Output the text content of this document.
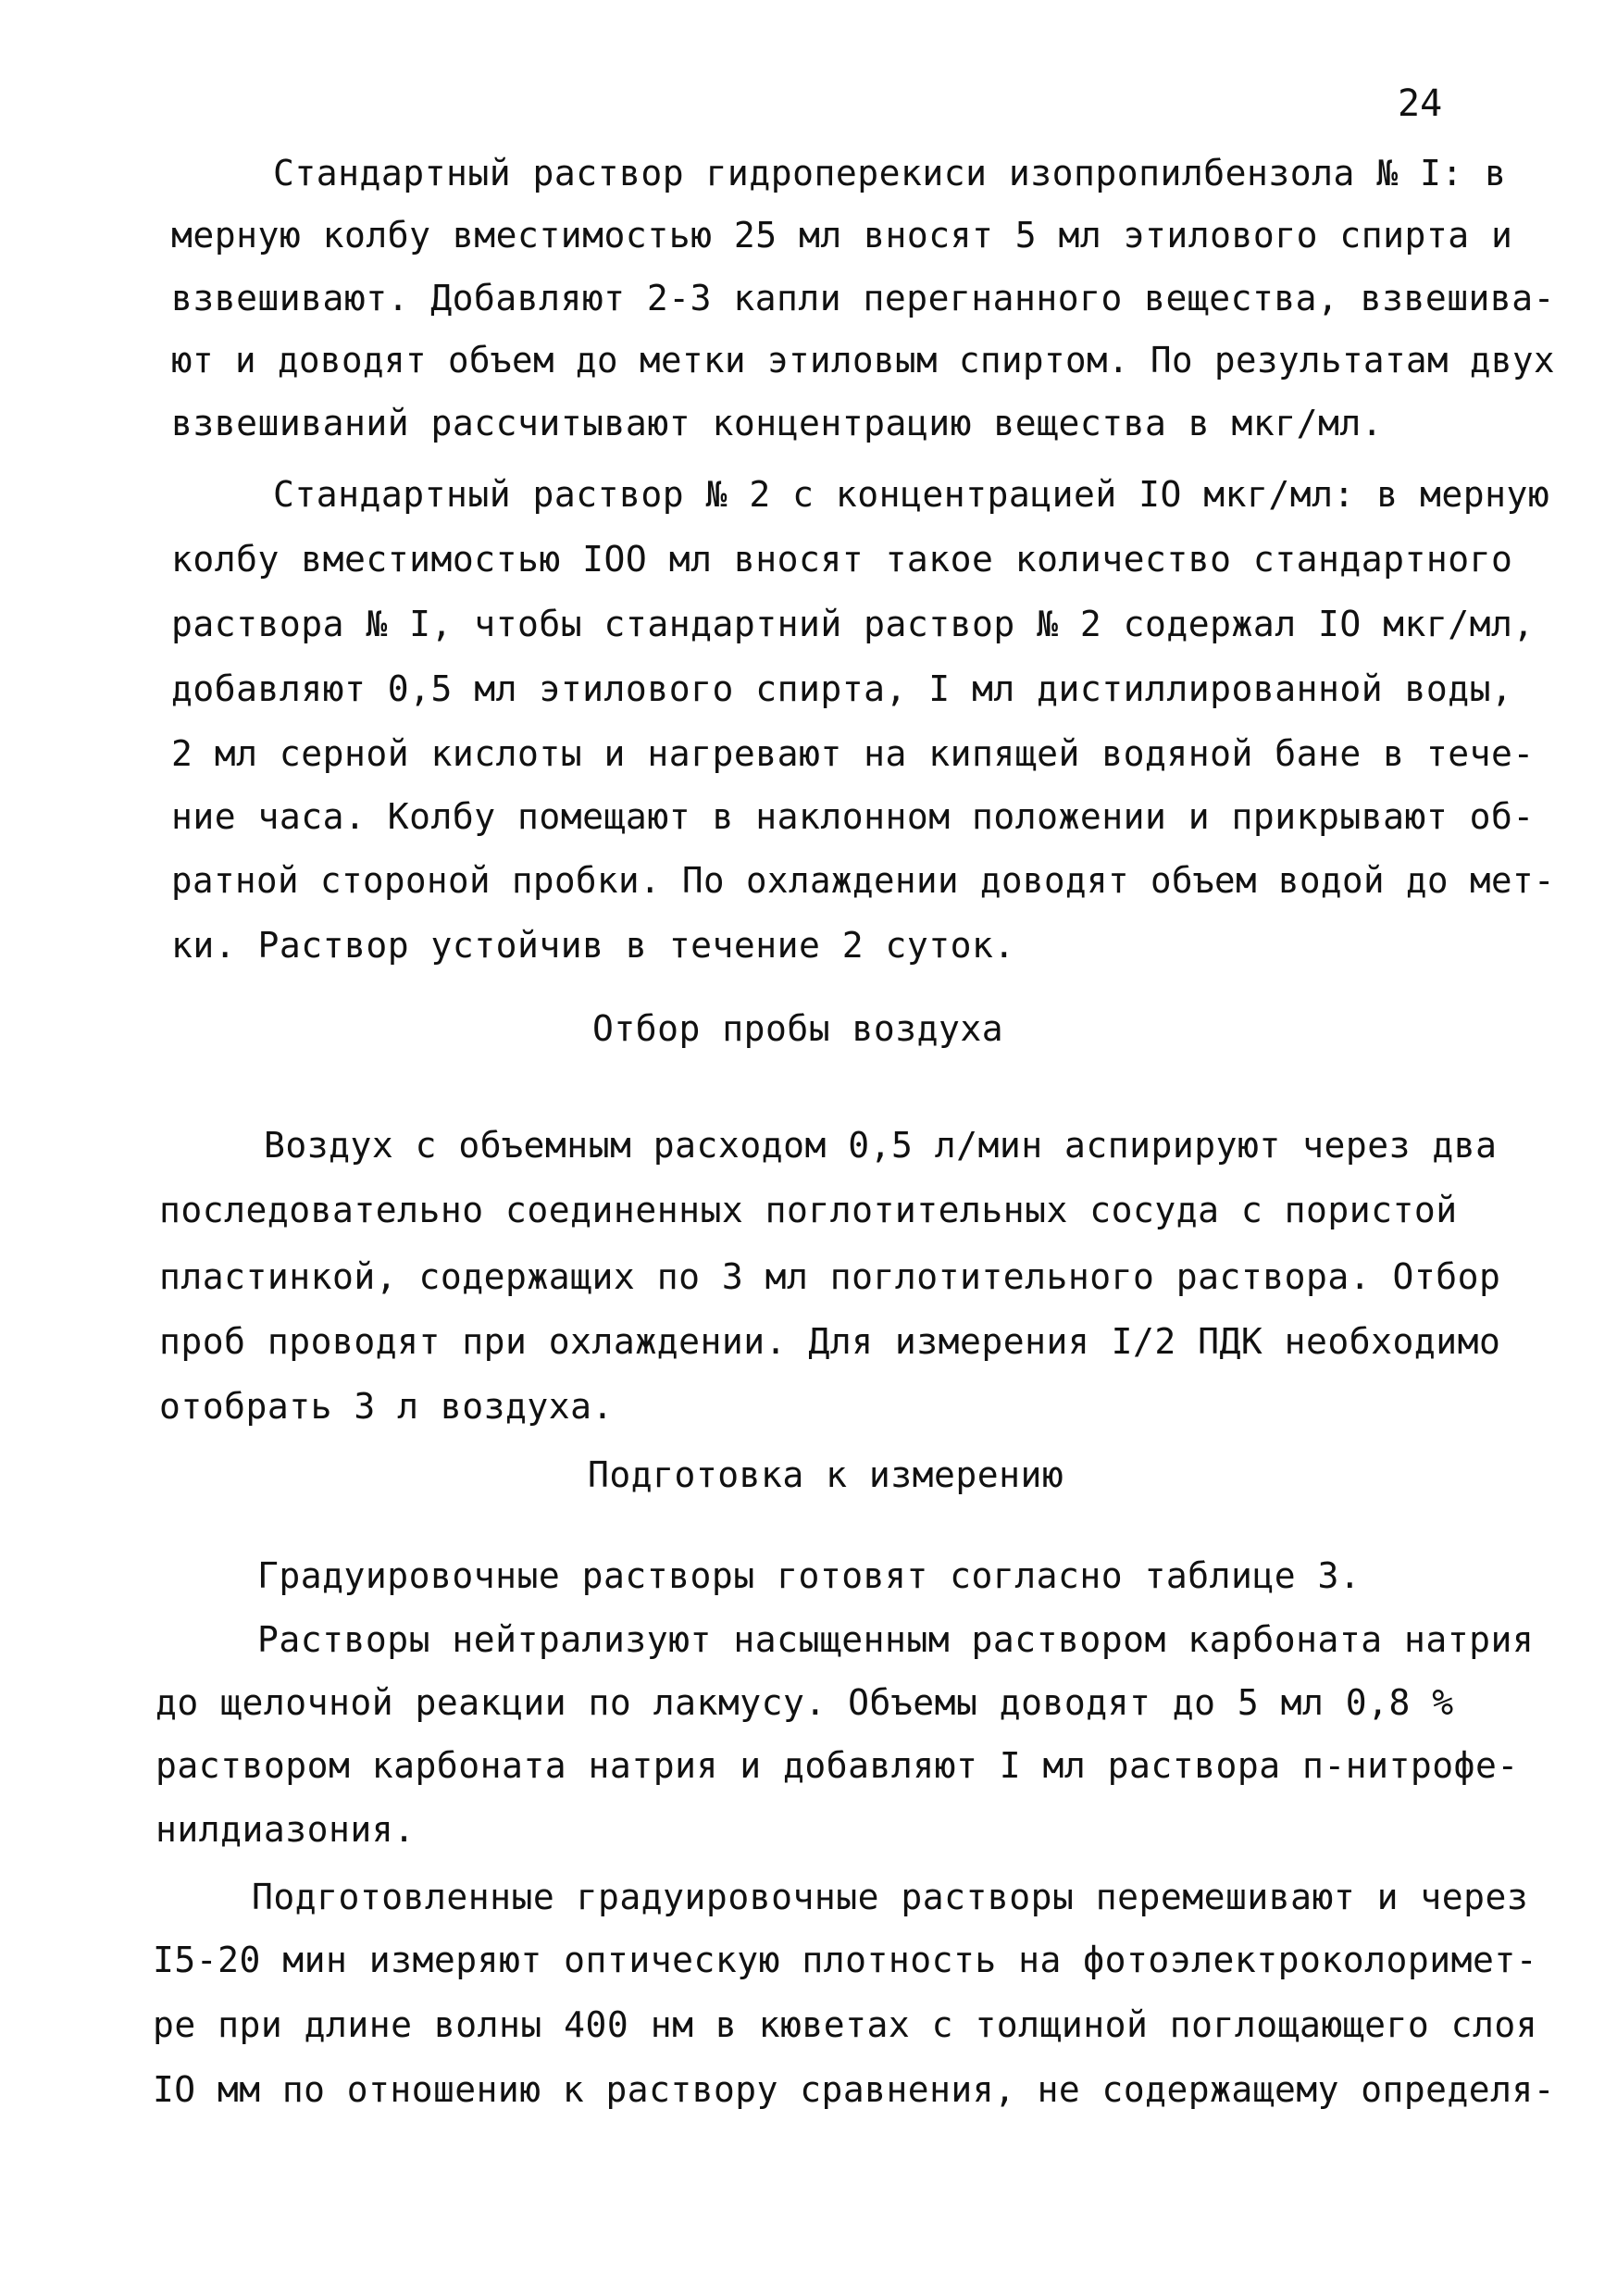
24
Стандартный раствор гидроперекиси изопропилбензола № I: в
мерную колбу вместимостью 25 мл вносят 5 мл этилового спирта и
взвешивают. Добавляют 2-3 капли перегнанного вещества, взвешива-
ют и доводят объем до метки этиловым спиртом. По результатам двух
взвешиваний рассчитывают концентрацию вещества в мкг/мл.
Стандартный раствор № 2 с концентрацией IO мкг/мл: в мерную
колбу вместимостью IOO мл вносят такое количество стандартного
раствора № I, чтобы стандартний раствор № 2 содержал IO мкг/мл,
добавляют 0,5 мл этилового спирта, I мл дистиллированной воды,
2 мл серной кислоты и нагревают на кипящей водяной бане в тече-
ние часа. Колбу помещают в наклонном положении и прикрывают об-
ратной стороной пробки. По охлаждении доводят объем водой до мет-
ки. Раствор устойчив в течение 2 суток.
Отбор пробы воздуха
Воздух с объемным расходом 0,5 л/мин аспирируют через два
последовательно соединенных поглотительных сосуда с пористой
пластинкой, содержащих по 3 мл поглотительного раствора. Отбор
проб проводят при охлаждении. Для измерения I/2 ПДК необходимо
отобрать 3 л воздуха.
Подготовка к измерению
Градуировочные растворы готовят согласно таблице 3.
Растворы нейтрализуют насыщенным раствором карбоната натрия
до щелочной реакции по лакмусу. Объемы доводят до 5 мл 0,8 %
раствором карбоната натрия и добавляют I мл раствора п-нитрофе-
нилдиазония.
Подготовленные градуировочные растворы перемешивают и через
I5-20 мин измеряют оптическую плотность на фотоэлектроколоримет-
ре при длине волны 400 нм в кюветах с толщиной поглощающего слоя
IO мм по отношению к раствору сравнения, не содержащему определя-
